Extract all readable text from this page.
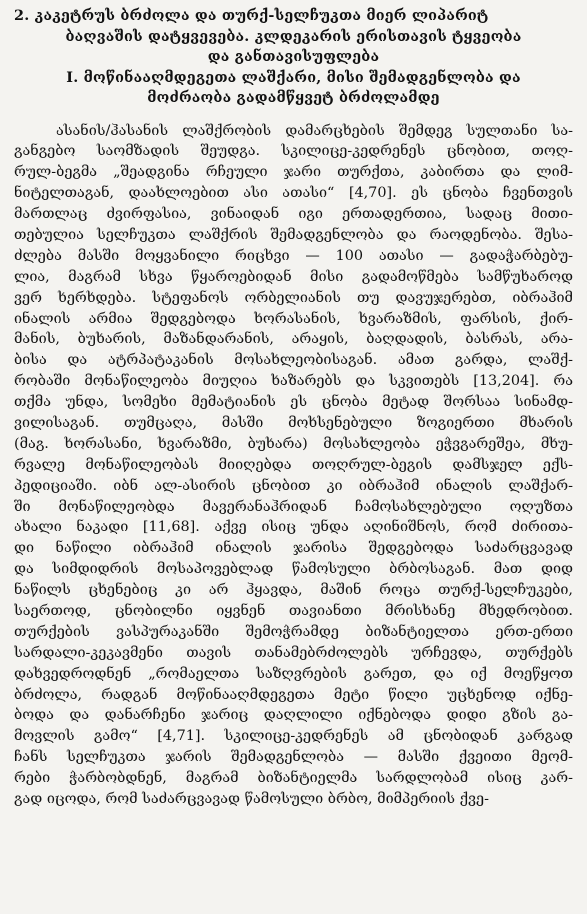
2. კაკეტრუს ბრძოლა და თურქ-სელჩუკთა მიერ ლიპარიტ
ბაღვაშის დატყვევება. კლდეკარის ერისთავის ტყვეობა
და განთავისუფლება
I. მოწინააღმდეგეთა ლაშქარი, მისი შემადგენლობა და
მოძრაობა გადამწყვეტ ბრძოლამდე
ასანის/ჰასანის ლაშქრობის დამარცხების შემდეგ სულთანი სა-
განგებო საომზადის შეუდგა. სკილიცე-კედრენეს ცნობით, თოღ-
რულ-ბეგმა „შეადგინა რჩეული ჯარი თურქთა, კაბირთა და ლიმ-
ნიტელთაგან, დაახლოებით ასი ათასი“ [4,70]. ეს ცნობა ჩვენთვის
მართლაც ძვირფასია, ვინაიდან იგი ერთადერთია, სადაც მითი-
თებულია სელჩუკთა ლაშქრის შემადგენლობა და რაოდენობა. შესა-
ძლება მასში მოყვანილი რიცხვი — 100 ათასი — გადაჭარბებუ-
ლია, მაგრამ სხვა წყაროებიდან მისი გადამოწმება სამწუხაროდ
ვერ ხერხდება. სტეფანოს ორბელიანის თუ დავუჯერებთ, იბრაჰიმ
ინალის არმია შედგებოდა ხორასანის, ხვარაზმის, ფარსის, ქირ-
მანის, ბუხარის, მაზანდარანის, არაყის, ბაღდადის, ბასრას, არა-
ბისა და ატრპატაკანის მოსახლეობისაგან. ამათ გარდა, ლაშქ-
რობაში მონაწილეობა მიუღია ხაზარებს და სკვითებს [13,204]. რა
თქმა უნდა, სომეხი მემატიანის ეს ცნობა მეტად შორსაა სინამდ-
ვილისაგან. თუმცაღა, მასში მოხსენებული ზოგიერთი მხარის
(მაგ. ხორასანი, ხვარაზმი, ბუხარა) მოსახლეობა ეჭვგარეშეა, მხუ-
რვალე მონაწილეობას მიიღებდა თოღრულ-ბეგის დამსჯელ ექს-
პედიციაში. იბნ ალ-ასირის ცნობით კი იბრაჰიმ ინალის ლაშქარ-
ში მონაწილეობდა მავერანაჰრიდან ჩამოსახლებული ოღუზთა
ახალი ნაკადი [11,68]. აქვე ისიც უნდა აღინიშნოს, რომ ძირითა-
დი ნაწილი იბრაჰიმ ინალის ჯარისა შედგებოდა საძარცვავად
და სიმდიდრის მოსაპოვებლად წამოსული ბრბოსაგან. მათ დიდ
ნაწილს ცხენებიც კი არ ჰყავდა, მაშინ როცა თურქ-სელჩუკები,
საერთოდ, ცნობილნი იყვნენ თავიანთი მრისხანე მხედრობით.
თურქების ვასპურაკანში შემოჭრამდე ბიზანტიელთა ერთ-ერთი
სარდალი-კეკავმენი თავის თანამებრძოლებს ურჩევდა, თურქებს
დახვედროდნენ „რომაელთა საზღვრების გარეთ, და იქ მოეწყოთ
ბრძოლა, რადგან მოწინააღმდეგეთა მეტი წილი უცხენოდ იქნე-
ბოდა და დანარჩენი ჯარიც დაღლილი იქნებოდა დიდი გზის გა-
მოვლის გამო“ [4,71]. სკილიცე-კედრენეს ამ ცნობიდან კარგად
ჩანს სელჩუკთა ჯარის შემადგენლობა — მასში ქვეითი მეომ-
რები ჭარბობდნენ, მაგრამ ბიზანტიელმა სარდლობამ ისიც კარ-
გად იცოდა, რომ საძარცვავად წამოსული ბრბო, მიმპერიის ქვე-
